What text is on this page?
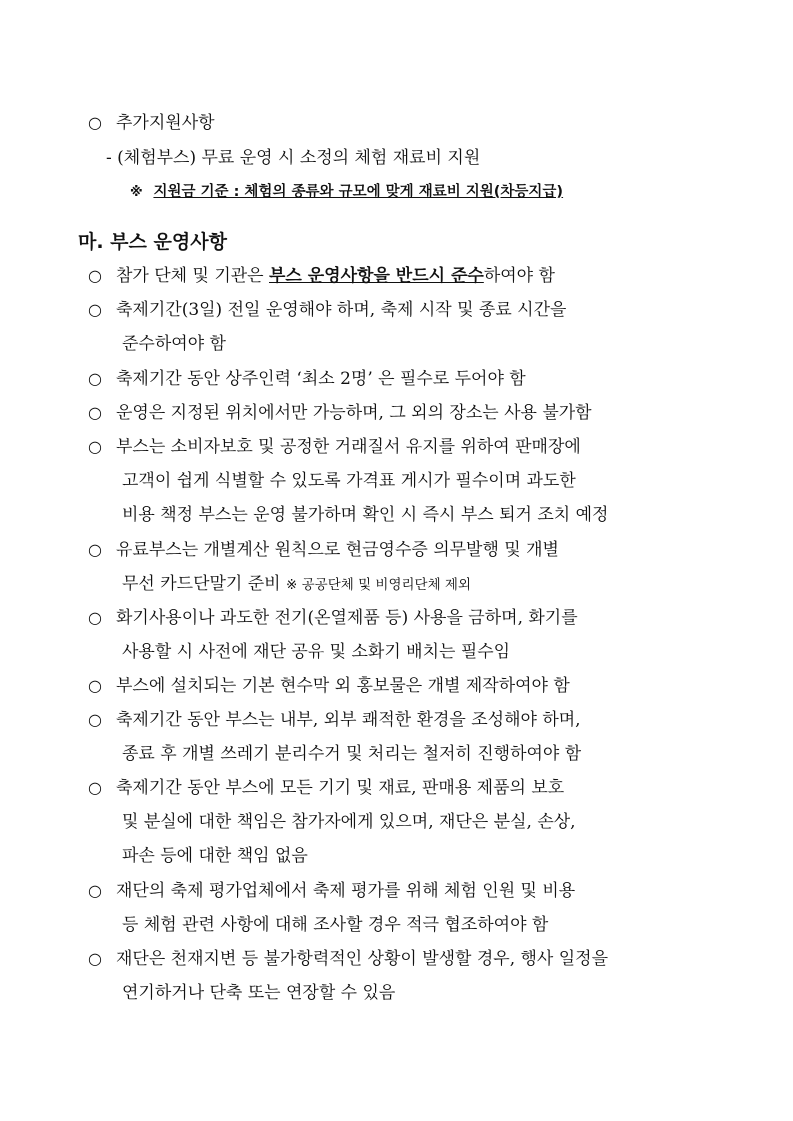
○ 추가지원사항
- (체험부스) 무료 운영 시 소정의 체험 재료비 지원
※ 지원금 기준 : 체험의 종류와 규모에 맞게 재료비 지원(차등지급)
마. 부스 운영사항
○ 참가 단체 및 기관은 부스 운영사항을 반드시 준수하여야 함
○ 축제기간(3일) 전일 운영해야 하며, 축제 시작 및 종료 시간을
준수하여야 함
○ 축제기간 동안 상주인력 ‘최소 2명’ 은 필수로 두어야 함
○ 운영은 지정된 위치에서만 가능하며, 그 외의 장소는 사용 불가함
○ 부스는 소비자보호 및 공정한 거래질서 유지를 위하여 판매장에
고객이 쉽게 식별할 수 있도록 가격표 게시가 필수이며 과도한
비용 책정 부스는 운영 불가하며 확인 시 즉시 부스 퇴거 조치 예정
○ 유료부스는 개별계산 원칙으로 현금영수증 의무발행 및 개별
무선 카드단말기 준비 ※ 공공단체 및 비영리단체 제외
○ 화기사용이나 과도한 전기(온열제품 등) 사용을 금하며, 화기를
사용할 시 사전에 재단 공유 및 소화기 배치는 필수임
○ 부스에 설치되는 기본 현수막 외 홍보물은 개별 제작하여야 함
○ 축제기간 동안 부스는 내부, 외부 쾌적한 환경을 조성해야 하며,
종료 후 개별 쓰레기 분리수거 및 처리는 철저히 진행하여야 함
○ 축제기간 동안 부스에 모든 기기 및 재료, 판매용 제품의 보호
및 분실에 대한 책임은 참가자에게 있으며, 재단은 분실, 손상,
파손 등에 대한 책임 없음
○ 재단의 축제 평가업체에서 축제 평가를 위해 체험 인원 및 비용
등 체험 관련 사항에 대해 조사할 경우 적극 협조하여야 함
○ 재단은 천재지변 등 불가항력적인 상황이 발생할 경우, 행사 일정을
연기하거나 단축 또는 연장할 수 있음
